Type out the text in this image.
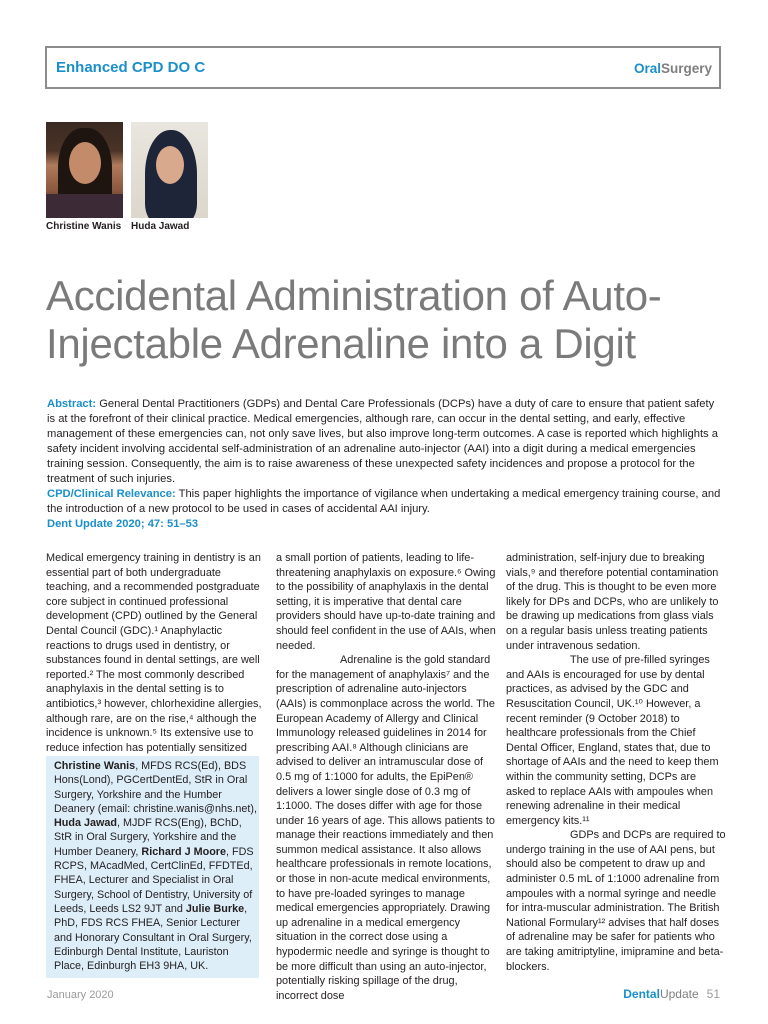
Enhanced CPD DO C	OralSurgery
Christine Wanis Huda Jawad
Accidental Administration of Auto-Injectable Adrenaline into a Digit

Abstract: General Dental Practitioners (GDPs) and Dental Care Professionals (DCPs) have a duty of care to ensure that patient safety is at the forefront of their clinical practice. Medical emergencies, although rare, can occur in the dental setting, and early, effective management of these emergencies can, not only save lives, but also improve long-term outcomes. A case is reported which highlights a safety incident involving accidental self-administration of an adrenaline auto-injector (AAI) into a digit during a medical emergencies training session. Consequently, the aim is to raise awareness of these unexpected safety incidences and propose a protocol for the treatment of such injuries.

CPD/Clinical Relevance: This paper highlights the importance of vigilance when undertaking a medical emergency training course, and the introduction of a new protocol to be used in cases of accidental AAI injury.

Dent Update 2020; 47: 51–53

Medical emergency training in dentistry is an essential part of both undergraduate teaching, and a recommended postgraduate core subject in continued professional development (CPD) outlined by the General Dental Council (GDC).¹ Anaphylactic reactions to drugs used in dentistry, or substances found in dental settings, are well reported.² The most commonly described anaphylaxis in the dental setting is to antibiotics,³ however, chlorhexidine allergies, although rare, are on the rise,⁴ although the incidence is unknown.⁵ Its extensive use to reduce infection has potentially sensitized

Christine Wanis, MFDS RCS(Ed), BDS Hons(Lond), PGCertDentEd, StR in Oral Surgery, Yorkshire and the Humber Deanery (email: christine.wanis@nhs.net), Huda Jawad, MJDF RCS(Eng), BChD, StR in Oral Surgery, Yorkshire and the Humber Deanery, Richard J Moore, FDS RCPS, MAcadMed, CertClinEd, FFDTEd, FHEA, Lecturer and Specialist in Oral Surgery, School of Dentistry, University of Leeds, Leeds LS2 9JT and Julie Burke, PhD, FDS RCS FHEA, Senior Lecturer and Honorary Consultant in Oral Surgery, Edinburgh Dental Institute, Lauriston Place, Edinburgh EH3 9HA, UK.

a small portion of patients, leading to life-threatening anaphylaxis on exposure.⁶ Owing to the possibility of anaphylaxis in the dental setting, it is imperative that dental care providers should have up-to-date training and should feel confident in the use of AAIs, when needed.

Adrenaline is the gold standard for the management of anaphylaxis⁷ and the prescription of adrenaline auto-injectors (AAIs) is commonplace across the world. The European Academy of Allergy and Clinical Immunology released guidelines in 2014 for prescribing AAI.⁸ Although clinicians are advised to deliver an intramuscular dose of 0.5 mg of 1:1000 for adults, the EpiPen® delivers a lower single dose of 0.3 mg of 1:1000. The doses differ with age for those under 16 years of age. This allows patients to manage their reactions immediately and then summon medical assistance. It also allows healthcare professionals in remote locations, or those in non-acute medical environments, to have pre-loaded syringes to manage medical emergencies appropriately. Drawing up adrenaline in a medical emergency situation in the correct dose using a hypodermic needle and syringe is thought to be more difficult than using an auto-injector, potentially risking spillage of the drug, incorrect dose

administration, self-injury due to breaking vials,⁹ and therefore potential contamination of the drug. This is thought to be even more likely for DPs and DCPs, who are unlikely to be drawing up medications from glass vials on a regular basis unless treating patients under intravenous sedation.

The use of pre-filled syringes and AAIs is encouraged for use by dental practices, as advised by the GDC and Resuscitation Council, UK.¹⁰ However, a recent reminder (9 October 2018) to healthcare professionals from the Chief Dental Officer, England, states that, due to shortage of AAIs and the need to keep them within the community setting, DCPs are asked to replace AAIs with ampoules when renewing adrenaline in their medical emergency kits.¹¹

GDPs and DCPs are required to undergo training in the use of AAI pens, but should also be competent to draw up and administer 0.5 mL of 1:1000 adrenaline from ampoules with a normal syringe and needle for intra-muscular administration. The British National Formulary¹² advises that half doses of adrenaline may be safer for patients who are taking amitriptyline, imipramine and beta-blockers.

January 2020	DentalUpdate 51
